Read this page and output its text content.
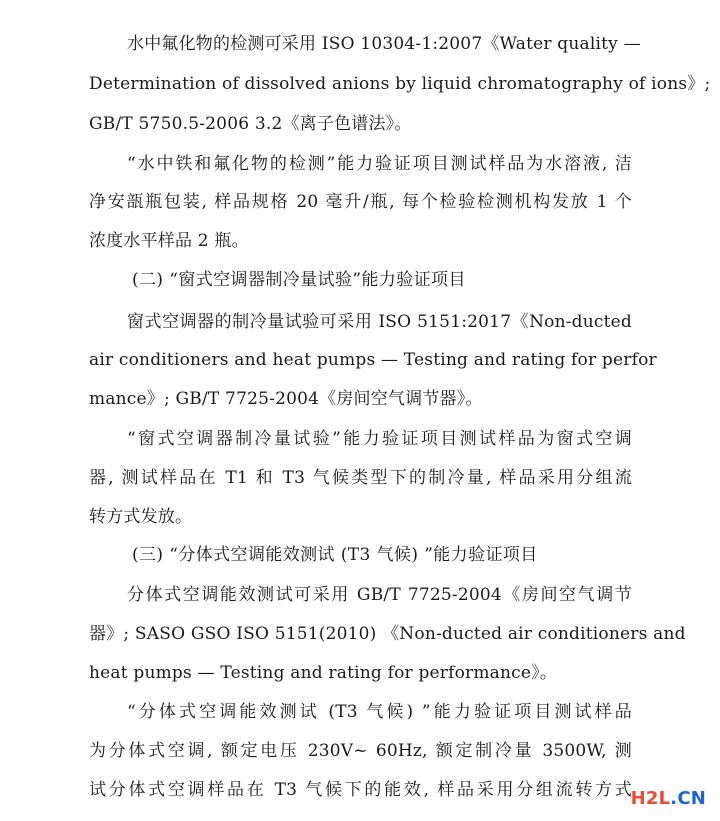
水中氟化物的检测可采用 ISO 10304-1:2007《Water quality —
Determination of dissolved anions by liquid chromatography of ions》;
GB/T 5750.5-2006 3.2《离子色谱法》。
“水中铁和氟化物的检测”能力验证项目测试样品为水溶液, 洁
净安瓿瓶包装, 样品规格 20 毫升/瓶, 每个检验检测机构发放 1 个
浓度水平样品 2 瓶。
(二) “窗式空调器制冷量试验”能力验证项目
窗式空调器的制冷量试验可采用 ISO 5151:2017《Non-ducted
air conditioners and heat pumps — Testing and rating for perfor
mance》; GB/T 7725-2004《房间空气调节器》。
“窗式空调器制冷量试验”能力验证项目测试样品为窗式空调
器, 测试样品在 T1 和 T3 气候类型下的制冷量, 样品采用分组流
转方式发放。
(三) “分体式空调能效测试 (T3 气候) ”能力验证项目
分体式空调能效测试可采用 GB/T 7725-2004《房间空气调节
器》; SASO GSO ISO 5151(2010) 《Non-ducted air conditioners and
heat pumps — Testing and rating for performance》。
“分体式空调能效测试 (T3 气候) ”能力验证项目测试样品
为分体式空调, 额定电压 230V~ 60Hz, 额定制冷量 3500W, 测
试分体式空调样品在 T3 气候下的能效, 样品采用分组流转方式
H2L.CN
